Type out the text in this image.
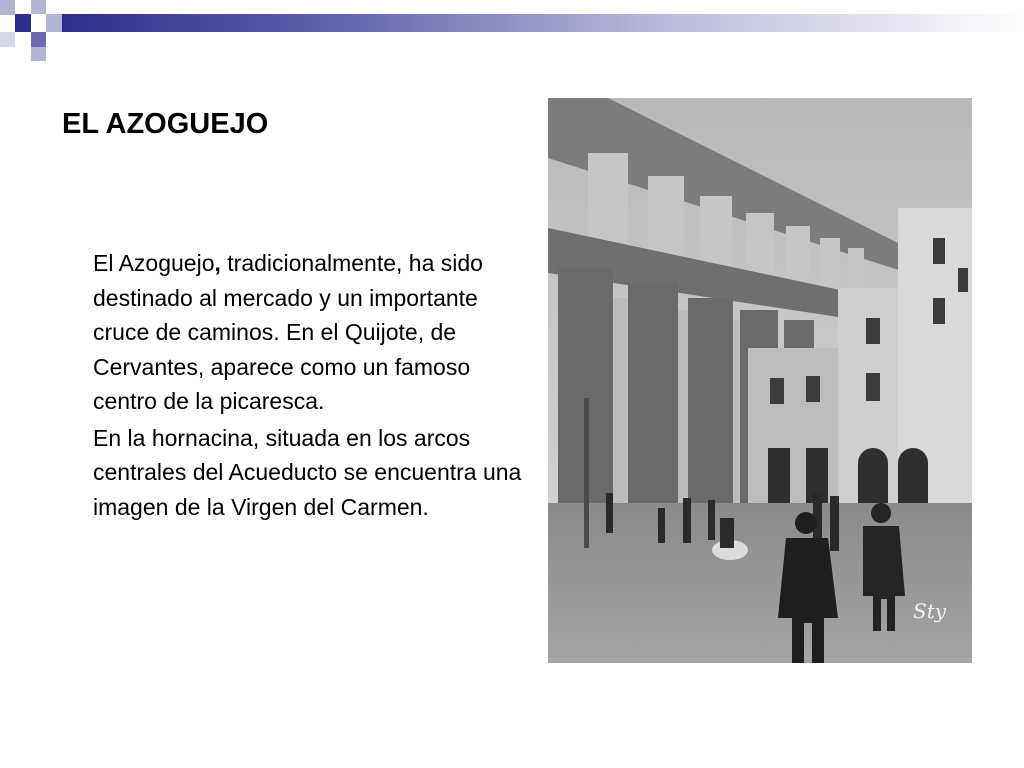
EL AZOGUEJO

El Azoguejo, tradicionalmente, ha sido destinado al mercado y un importante cruce de caminos. En el Quijote, de Cervantes, aparece como un famoso centro de la picaresca.

En la hornacina, situada en los arcos centrales del Acueducto se encuentra una imagen de la Virgen del Carmen.

Sty
